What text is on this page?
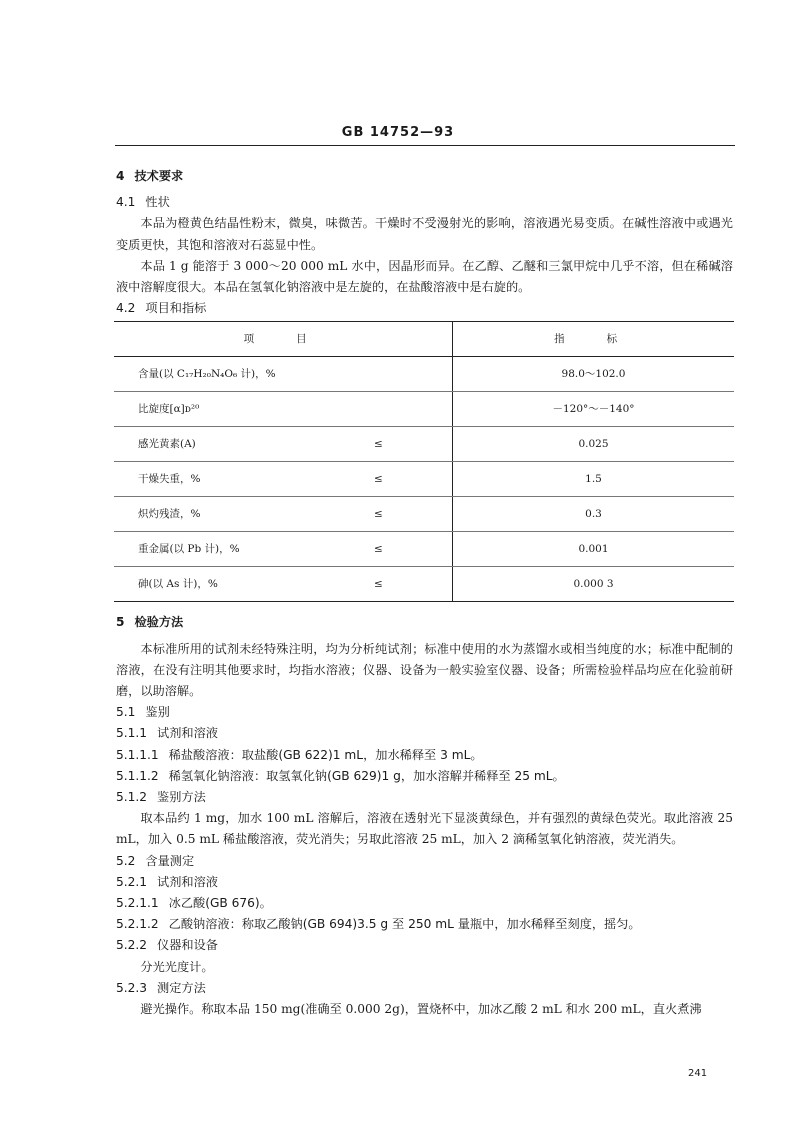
GB 14752—93
4 技术要求
4.1 性状
本品为橙黄色结晶性粉末，微臭，味微苦。干燥时不受漫射光的影响，溶液遇光易变质。在碱性溶液中或遇光变质更快，其饱和溶液对石蕊显中性。
本品 1 g 能溶于 3 000～20 000 mL 水中，因晶形而异。在乙醇、乙醚和三氯甲烷中几乎不溶，但在稀碱溶液中溶解度很大。本品在氢氧化钠溶液中是左旋的，在盐酸溶液中是右旋的。
4.2 项目和指标
项　目		指　标
含量(以 C₁₇H₂₀N₄O₆ 计)，%		98.0～102.0
比旋度[α]ᴅ²⁰		－120°～－140°
感光黄素(A)	≤	0.025
干燥失重，%	≤	1.5
炽灼残渣，%	≤	0.3
重金属(以 Pb 计)，%	≤	0.001
砷(以 As 计)，%	≤	0.000 3
5 检验方法
本标准所用的试剂未经特殊注明，均为分析纯试剂；标准中使用的水为蒸馏水或相当纯度的水；标准中配制的溶液，在没有注明其他要求时，均指水溶液；仪器、设备为一般实验室仪器、设备；所需检验样品均应在化验前研磨，以助溶解。
5.1 鉴别
5.1.1 试剂和溶液
5.1.1.1 稀盐酸溶液：取盐酸(GB 622)1 mL，加水稀释至 3 mL。
5.1.1.2 稀氢氧化钠溶液：取氢氧化钠(GB 629)1 g，加水溶解并稀释至 25 mL。
5.1.2 鉴别方法
取本品约 1 mg，加水 100 mL 溶解后，溶液在透射光下显淡黄绿色，并有强烈的黄绿色荧光。取此溶液 25 mL，加入 0.5 mL 稀盐酸溶液，荧光消失；另取此溶液 25 mL，加入 2 滴稀氢氧化钠溶液，荧光消失。
5.2 含量测定
5.2.1 试剂和溶液
5.2.1.1 冰乙酸(GB 676)。
5.2.1.2 乙酸钠溶液：称取乙酸钠(GB 694)3.5 g 至 250 mL 量瓶中，加水稀释至刻度，摇匀。
5.2.2 仪器和设备
分光光度计。
5.2.3 测定方法
避光操作。称取本品 150 mg(准确至 0.000 2g)，置烧杯中，加冰乙酸 2 mL 和水 200 mL，直火煮沸
241
